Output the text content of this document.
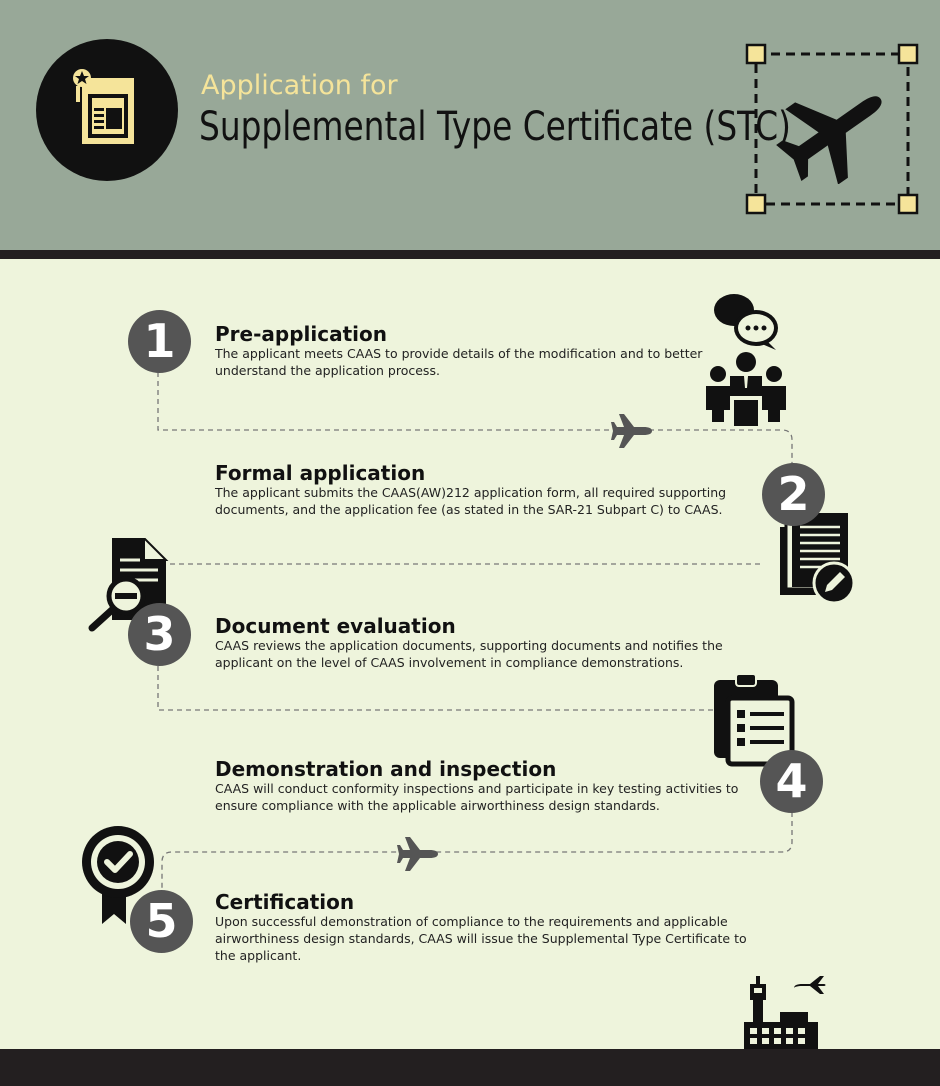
Application for
Supplemental Type Certificate (STC)
1	Pre-application
The applicant meets CAAS to provide details of the modification and to better understand the application process.
Formal application
The applicant submits the CAAS(AW)212 application form, all required supporting documents, and the application fee (as stated in the SAR-21 Subpart C) to CAAS.	2
3	Document evaluation
CAAS reviews the application documents, supporting documents and notifies the applicant on the level of CAAS involvement in compliance demonstrations.
Demonstration and inspection
CAAS will conduct conformity inspections and participate in key testing activities to ensure compliance with the applicable airworthiness design standards.	4
5	Certification
Upon successful demonstration of compliance to the requirements and applicable airworthiness design standards, CAAS will issue the Supplemental Type Certificate to the applicant.
